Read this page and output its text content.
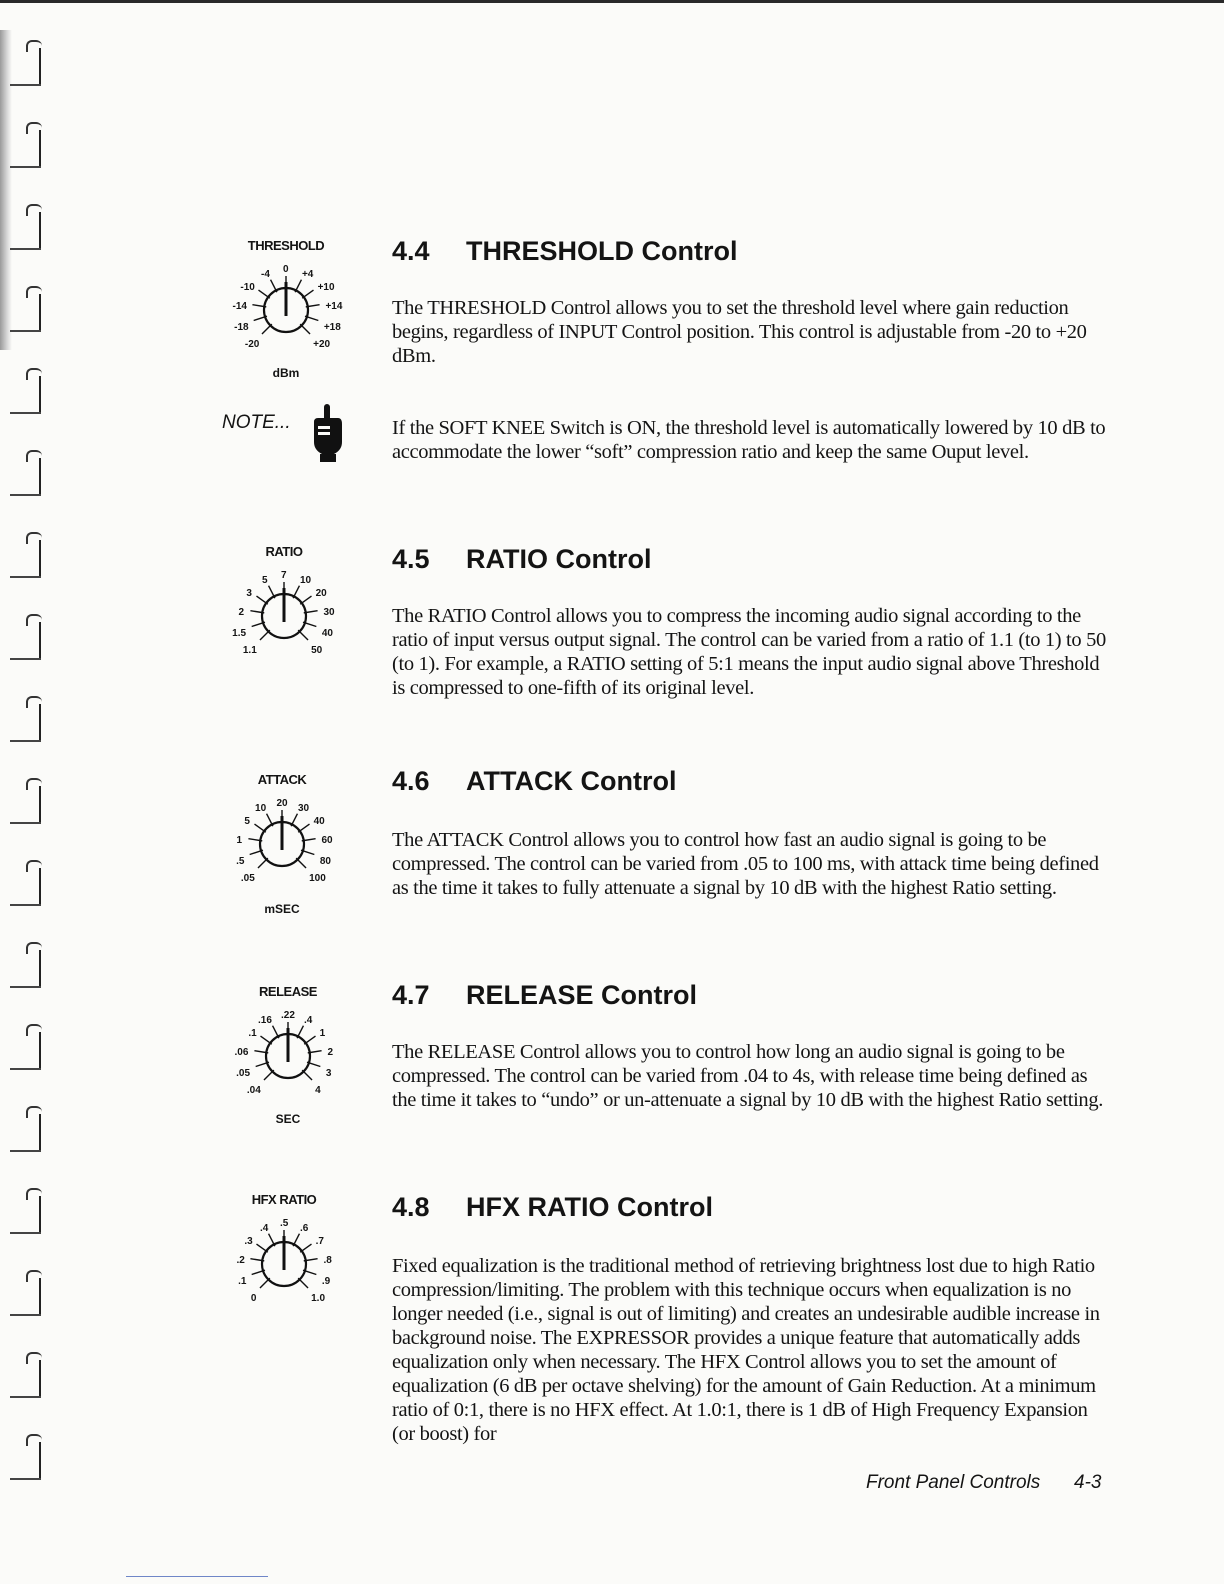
THRESHOLD
dBm
-20
-18
-14
-10
-4 0 +4
+10
+14
+18
+20
4.4 THRESHOLD Control

The THRESHOLD Control allows you to set the threshold level where gain reduction begins, regardless of INPUT Control position. This control is adjustable from -20 to +20 dBm.

NOTE...	If the SOFT KNEE Switch is ON, the threshold level is automatically lowered by 10 dB to accommodate the lower “soft” compression ratio and keep the same Ouput level.

RATIO
1.1
1.5
2
3
5 7 10
20
30
40
50
4.5 RATIO Control

The RATIO Control allows you to compress the incoming audio signal according to the ratio of input versus output signal. The control can be varied from a ratio of 1.1 (to 1) to 50 (to 1). For example, a RATIO setting of 5:1 means the input audio signal above Threshold is compressed to one-fifth of its original level.

ATTACK
mSEC
.05
.5
1
5
10 20 30
40
60
80
100
4.6 ATTACK Control

The ATTACK Control allows you to control how fast an audio signal is going to be compressed. The control can be varied from .05 to 100 ms, with attack time being defined as the time it takes to fully attenuate a signal by 10 dB with the highest Ratio setting.

RELEASE
SEC
.04
.05
.06
.1
.16 .22 .4
1
2
3
4
4.7 RELEASE Control

The RELEASE Control allows you to control how long an audio signal is going to be compressed. The control can be varied from .04 to 4s, with release time being defined as the time it takes to “undo” or un-attenuate a signal by 10 dB with the highest Ratio setting.

HFX RATIO
0
.1
.2
.3
.4 .5 .6
.7
.8
.9
1.0
4.8 HFX RATIO Control

Fixed equalization is the traditional method of retrieving brightness lost due to high Ratio compression/limiting. The problem with this technique occurs when equalization is no longer needed (i.e., signal is out of limiting) and creates an undesirable audible increase in background noise. The EXPRESSOR provides a unique feature that automatically adds equalization only when necessary. The HFX Control allows you to set the amount of equalization (6 dB per octave shelving) for the amount of Gain Reduction. At a minimum ratio of 0:1, there is no HFX effect. At 1.0:1, there is 1 dB of High Frequency Expansion (or boost) for

Front Panel Controls 4-3
